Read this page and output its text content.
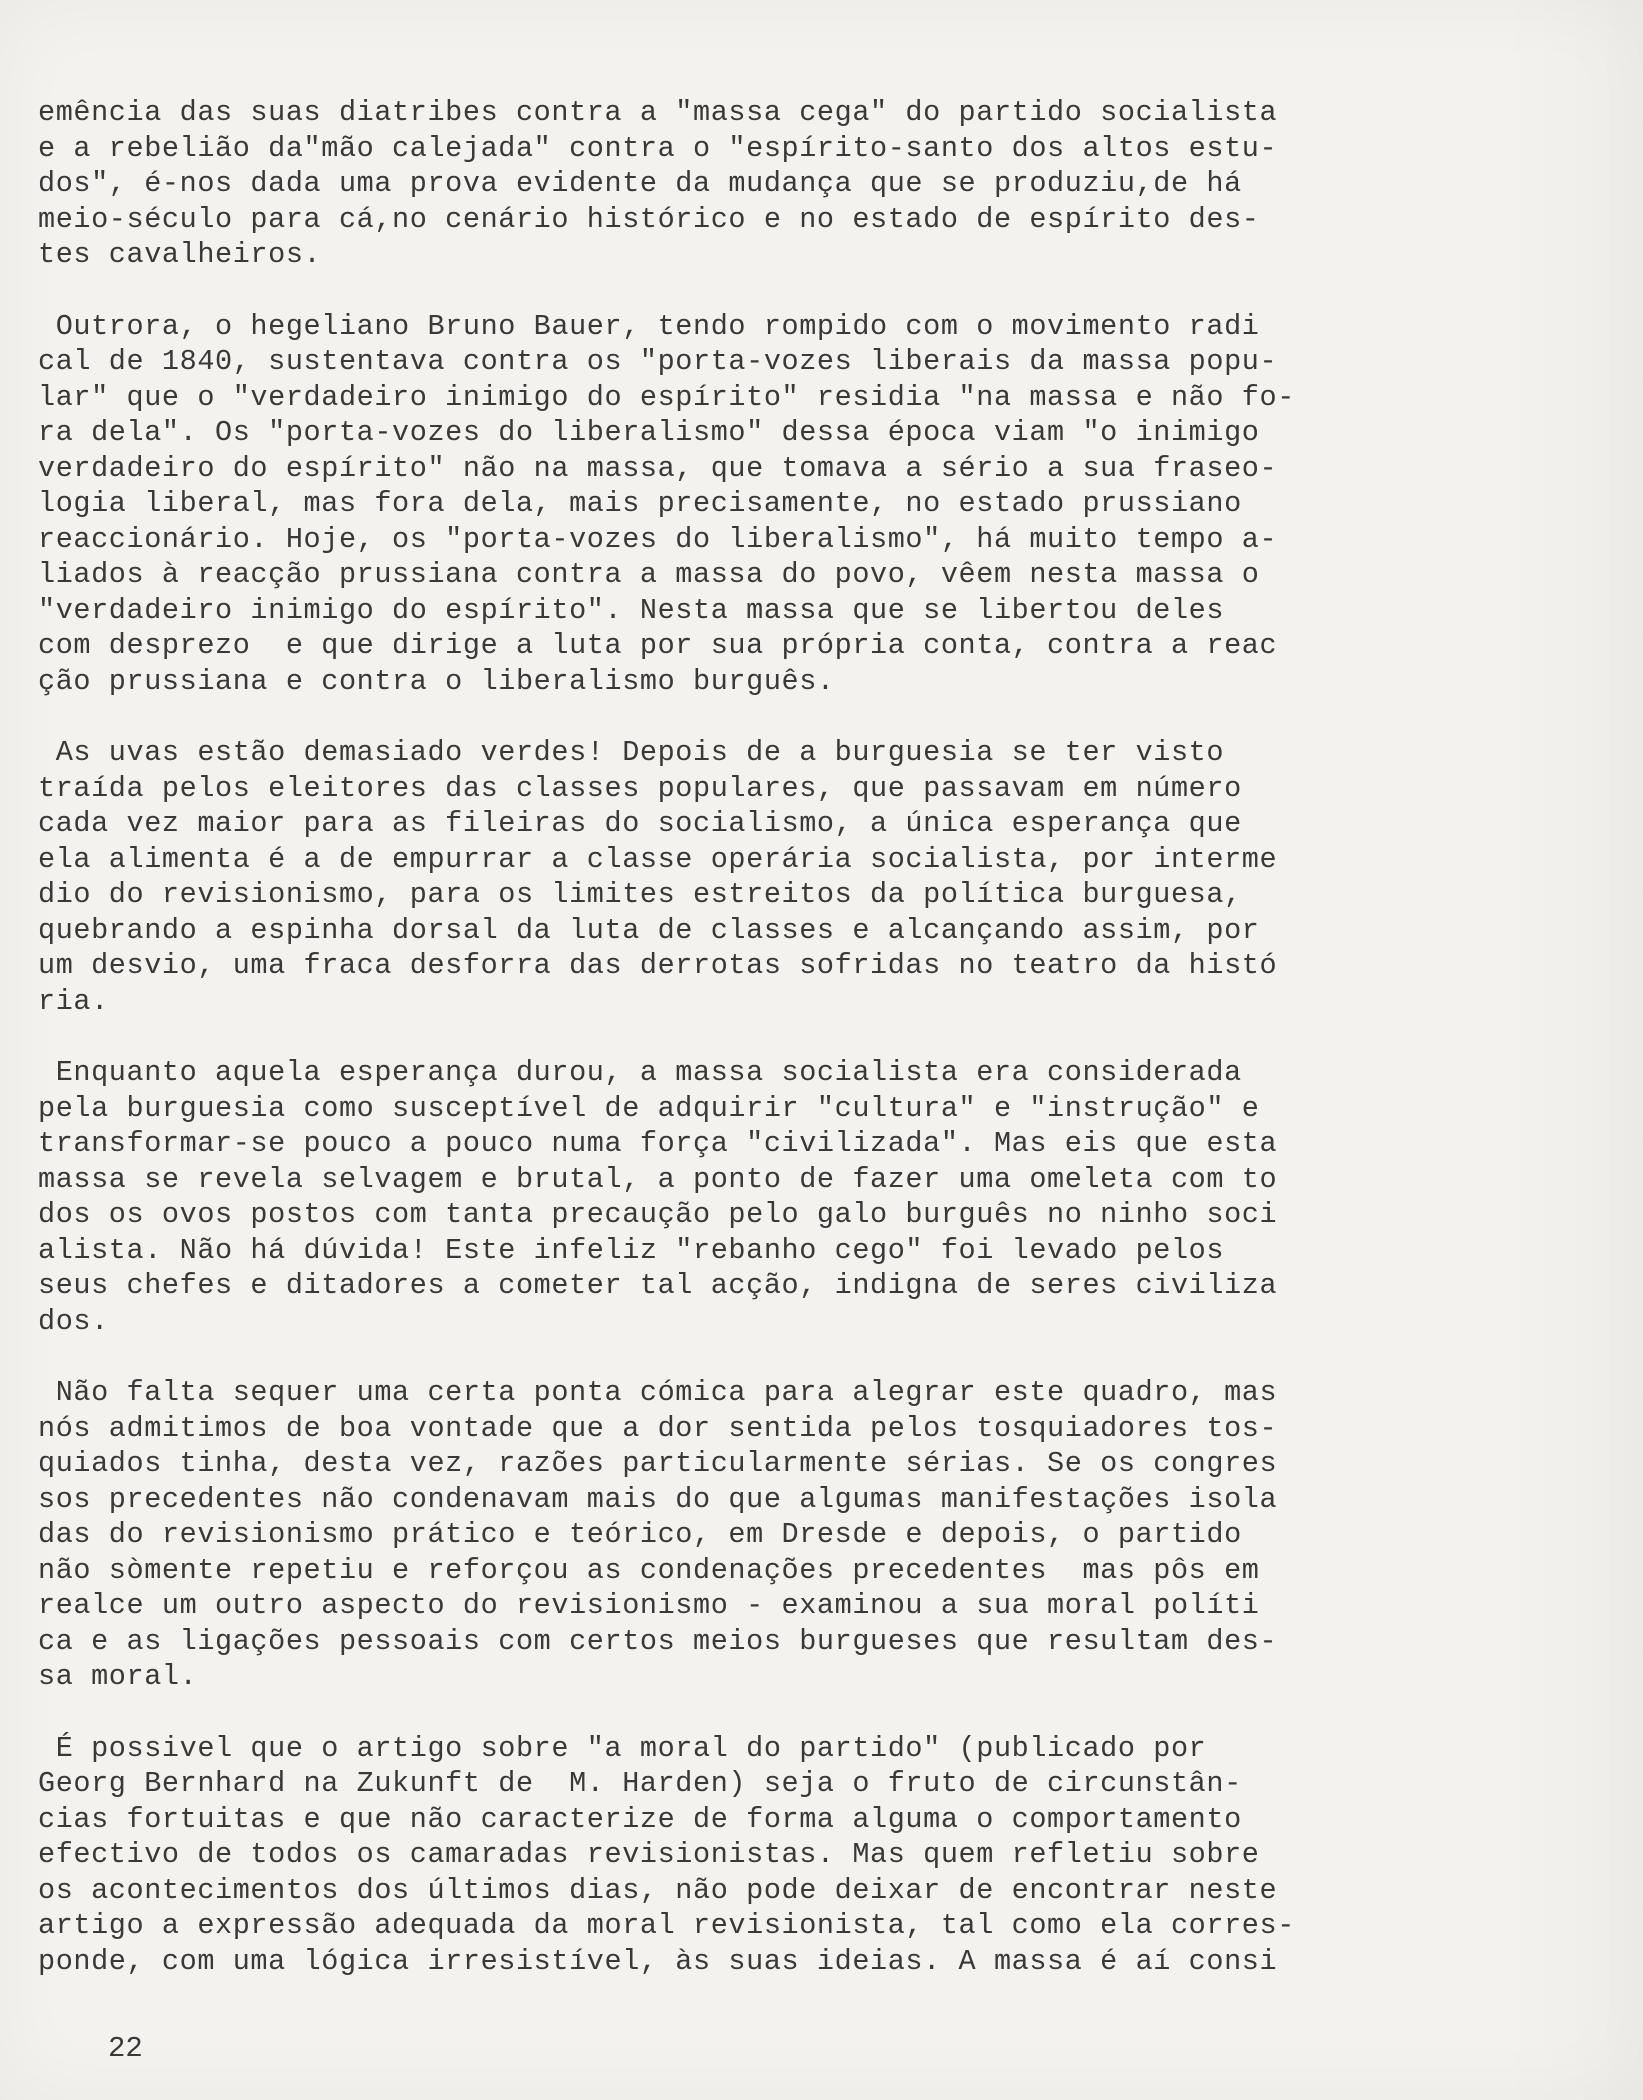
emência das suas diatribes contra a "massa cega" do partido socialista
e a rebelião da"mão calejada" contra o "espírito-santo dos altos estu-
dos", é-nos dada uma prova evidente da mudança que se produziu,de há
meio-século para cá,no cenário histórico e no estado de espírito des-
tes cavalheiros.
Outrora, o hegeliano Bruno Bauer, tendo rompido com o movimento radi
cal de 1840, sustentava contra os "porta-vozes liberais da massa popu-
lar" que o "verdadeiro inimigo do espírito" residia "na massa e não fo-
ra dela". Os "porta-vozes do liberalismo" dessa época viam "o inimigo
verdadeiro do espírito" não na massa, que tomava a sério a sua fraseo-
logia liberal, mas fora dela, mais precisamente, no estado prussiano
reaccionário. Hoje, os "porta-vozes do liberalismo", há muito tempo a-
liados à reacção prussiana contra a massa do povo, vêem nesta massa o
"verdadeiro inimigo do espírito". Nesta massa que se libertou deles
com desprezo  e que dirige a luta por sua própria conta, contra a reac
ção prussiana e contra o liberalismo burguês.
As uvas estão demasiado verdes! Depois de a burguesia se ter visto
traída pelos eleitores das classes populares, que passavam em número
cada vez maior para as fileiras do socialismo, a única esperança que
ela alimenta é a de empurrar a classe operária socialista, por interme
dio do revisionismo, para os limites estreitos da política burguesa,
quebrando a espinha dorsal da luta de classes e alcançando assim, por
um desvio, uma fraca desforra das derrotas sofridas no teatro da histó
ria.
Enquanto aquela esperança durou, a massa socialista era considerada
pela burguesia como susceptível de adquirir "cultura" e "instrução" e
transformar-se pouco a pouco numa força "civilizada". Mas eis que esta
massa se revela selvagem e brutal, a ponto de fazer uma omeleta com to
dos os ovos postos com tanta precaução pelo galo burguês no ninho soci
alista. Não há dúvida! Este infeliz "rebanho cego" foi levado pelos
seus chefes e ditadores a cometer tal acção, indigna de seres civiliza
dos.
Não falta sequer uma certa ponta cómica para alegrar este quadro, mas
nós admitimos de boa vontade que a dor sentida pelos tosquiadores tos-
quiados tinha, desta vez, razões particularmente sérias. Se os congres
sos precedentes não condenavam mais do que algumas manifestações isola
das do revisionismo prático e teórico, em Dresde e depois, o partido
não sòmente repetiu e reforçou as condenações precedentes  mas pôs em
realce um outro aspecto do revisionismo - examinou a sua moral políti
ca e as ligações pessoais com certos meios burgueses que resultam des-
sa moral.
É possivel que o artigo sobre "a moral do partido" (publicado por
Georg Bernhard na Zukunft de  M. Harden) seja o fruto de circunstân-
cias fortuitas e que não caracterize de forma alguma o comportamento
efectivo de todos os camaradas revisionistas. Mas quem refletiu sobre
os acontecimentos dos últimos dias, não pode deixar de encontrar neste
artigo a expressão adequada da moral revisionista, tal como ela corres-
ponde, com uma lógica irresistível, às suas ideias. A massa é aí consi
22
